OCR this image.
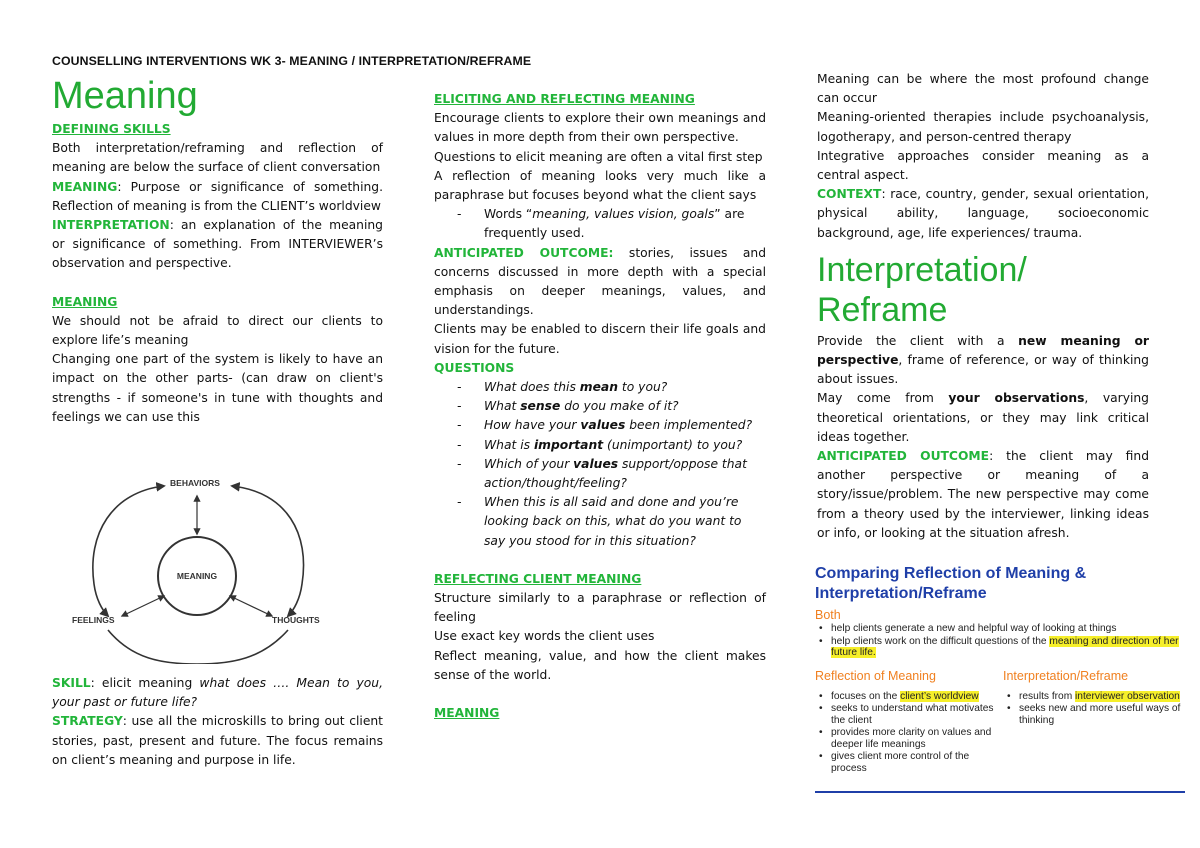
COUNSELLING INTERVENTIONS WK 3- MEANING / INTERPRETATION/REFRAME
Meaning

DEFINING SKILLS

Both interpretation/reframing and reflection of meaning are below the surface of client conversation

MEANING: Purpose or significance of something. Reflection of meaning is from the CLIENT’s worldview

INTERPRETATION: an explanation of the meaning or significance of something. From INTERVIEWER’s observation and perspective.

MEANING

We should not be afraid to direct our clients to explore life’s meaning

Changing one part of the system is likely to have an impact on the other parts- (can draw on client's strengths - if someone's in tune with thoughts and feelings we can use this

MEANING
BEHAVIORS
FEELINGS	THOUGHTS

SKILL: elicit meaning what does …. Mean to you, your past or future life?

STRATEGY: use all the microskills to bring out client stories, past, present and future. The focus remains on client’s meaning and purpose in life.

ELICITING AND REFLECTING MEANING

Encourage clients to explore their own meanings and values in more depth from their own perspective.

Questions to elicit meaning are often a vital first step

A reflection of meaning looks very much like a paraphrase but focuses beyond what the client says

- Words “meaning, values vision, goals” are frequently used.

ANTICIPATED OUTCOME: stories, issues and concerns discussed in more depth with a special emphasis on deeper meanings, values, and understandings.

Clients may be enabled to discern their life goals and vision for the future.

QUESTIONS

- What does this mean to you?
- What sense do you make of it?
- How have your values been implemented?
- What is important (unimportant) to you?
- Which of your values support/oppose that action/thought/feeling?
- When this is all said and done and you’re looking back on this, what do you want to say you stood for in this situation?

REFLECTING CLIENT MEANING

Structure similarly to a paraphrase or reflection of feeling

Use exact key words the client uses

Reflect meaning, value, and how the client makes sense of the world.

MEANING

Meaning can be where the most profound change can occur

Meaning-oriented therapies include psychoanalysis, logotherapy, and person-centred therapy

Integrative approaches consider meaning as a central aspect.

CONTEXT: race, country, gender, sexual orientation, physical ability, language, socioeconomic background, age, life experiences/ trauma.

Interpretation/
Reframe

Provide the client with a new meaning or perspective, frame of reference, or way of thinking about issues.

May come from your observations, varying theoretical orientations, or they may link critical ideas together.

ANTICIPATED OUTCOME: the client may find another perspective or meaning of a story/issue/problem. The new perspective may come from a theory used by the interviewer, linking ideas or info, or looking at the situation afresh.

Comparing Reflection of Meaning & Interpretation/Reframe
Both
• help clients generate a new and helpful way of looking at things
• help clients work on the difficult questions of the meaning and direction of her future life.
Reflection of Meaning
• focuses on the client’s worldview
• seeks to understand what motivates the client
• provides more clarity on values and deeper life meanings
• gives client more control of the process
Interpretation/Reframe
• results from interviewer observation
• seeks new and more useful ways of thinking
